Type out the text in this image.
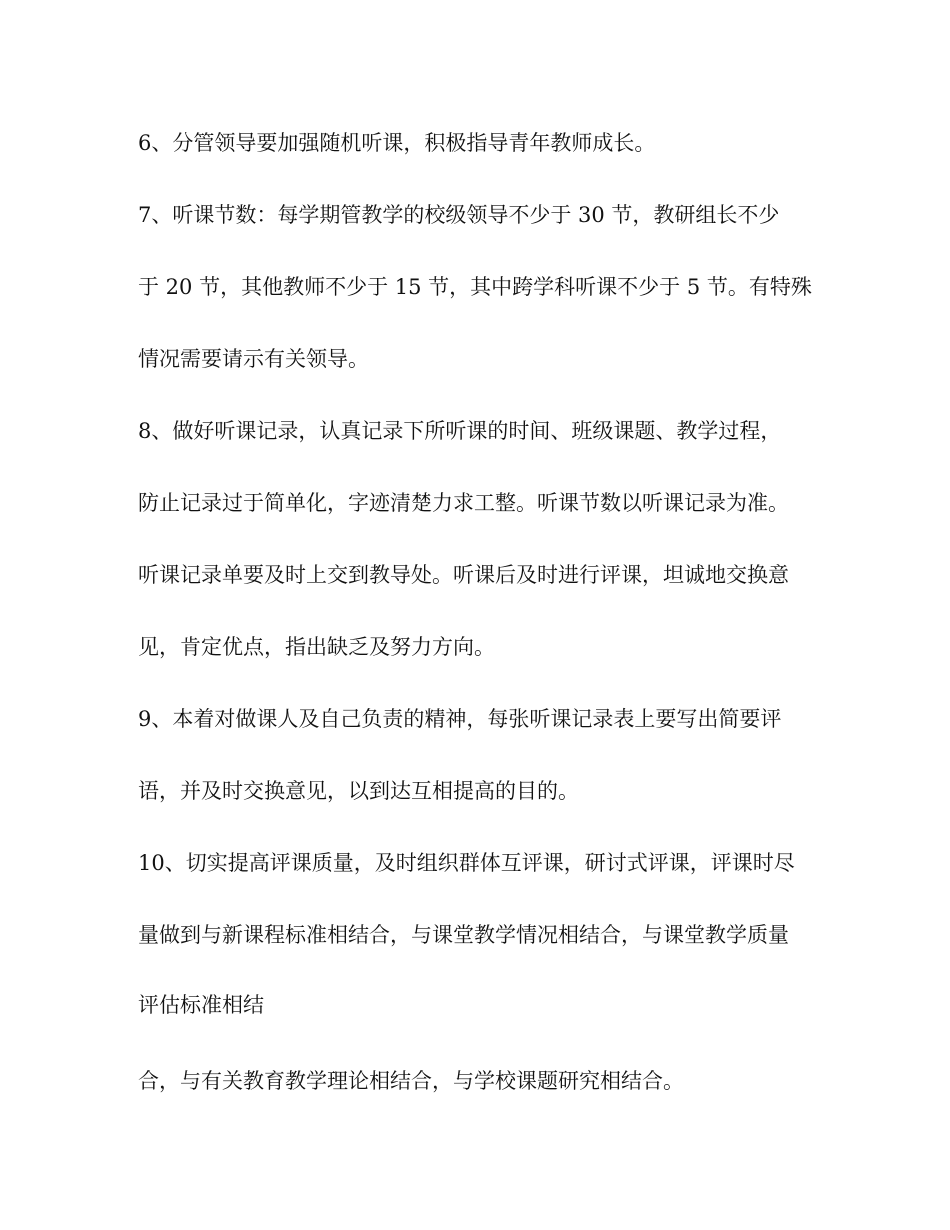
6、分管领导要加强随机听课，积极指导青年教师成长。
7、听课节数：每学期管教学的校级领导不少于 30 节，教研组长不少
于 20 节，其他教师不少于 15 节，其中跨学科听课不少于 5 节。有特殊
情况需要请示有关领导。
8、做好听课记录，认真记录下所听课的时间、班级课题、教学过程，
防止记录过于简单化，字迹清楚力求工整。听课节数以听课记录为准。
听课记录单要及时上交到教导处。听课后及时进行评课，坦诚地交换意
见，肯定优点，指出缺乏及努力方向。
9、本着对做课人及自己负责的精神，每张听课记录表上要写出简要评
语，并及时交换意见，以到达互相提高的目的。
10、切实提高评课质量，及时组织群体互评课，研讨式评课，评课时尽
量做到与新课程标准相结合，与课堂教学情况相结合，与课堂教学质量
评估标准相结
合，与有关教育教学理论相结合，与学校课题研究相结合。
